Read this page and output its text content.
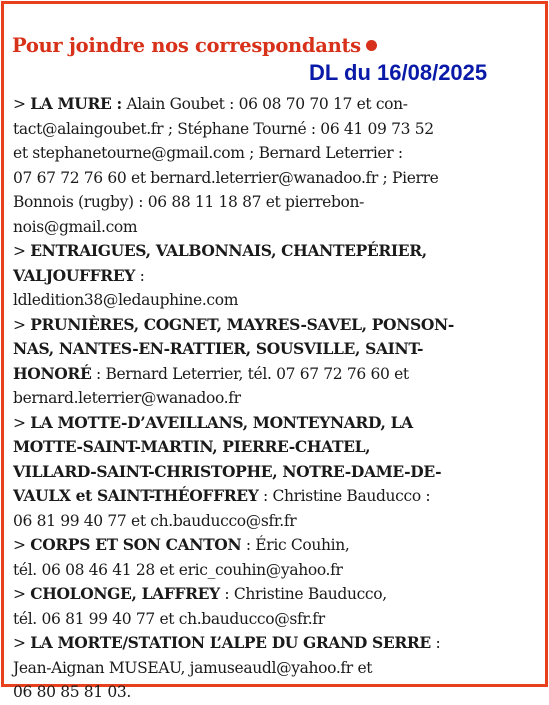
Pour joindre nos correspondants
DL du 16/08/2025
> LA MURE : Alain Goubet : 06 08 70 70 17 et con-
tact@alaingoubet.fr ; Stéphane Tourné : 06 41 09 73 52
et stephanetourne@gmail.com ; Bernard Leterrier :
07 67 72 76 60 et bernard.leterrier@wanadoo.fr ; Pierre
Bonnois (rugby) : 06 88 11 18 87 et pierrebon-
nois@gmail.com
> ENTRAIGUES, VALBONNAIS, CHANTEPÉRIER,
VALJOUFFREY :
ldledition38@ledauphine.com
> PRUNIÈRES, COGNET, MAYRES-SAVEL, PONSON-
NAS, NANTES-EN-RATTIER, SOUSVILLE, SAINT-
HONORÉ : Bernard Leterrier, tél. 07 67 72 76 60 et
bernard.leterrier@wanadoo.fr
> LA MOTTE-D’AVEILLANS, MONTEYNARD, LA
MOTTE-SAINT-MARTIN, PIERRE-CHATEL,
VILLARD-SAINT-CHRISTOPHE, NOTRE-DAME-DE-
VAULX et SAINT-THÉOFFREY : Christine Bauducco :
06 81 99 40 77 et ch.bauducco@sfr.fr
> CORPS ET SON CANTON : Éric Couhin,
tél. 06 08 46 41 28 et eric_couhin@yahoo.fr
> CHOLONGE, LAFFREY : Christine Bauducco,
tél. 06 81 99 40 77 et ch.bauducco@sfr.fr
> LA MORTE/STATION L’ALPE DU GRAND SERRE :
Jean-Aignan MUSEAU, jamuseaudl@yahoo.fr et
06 80 85 81 03.
